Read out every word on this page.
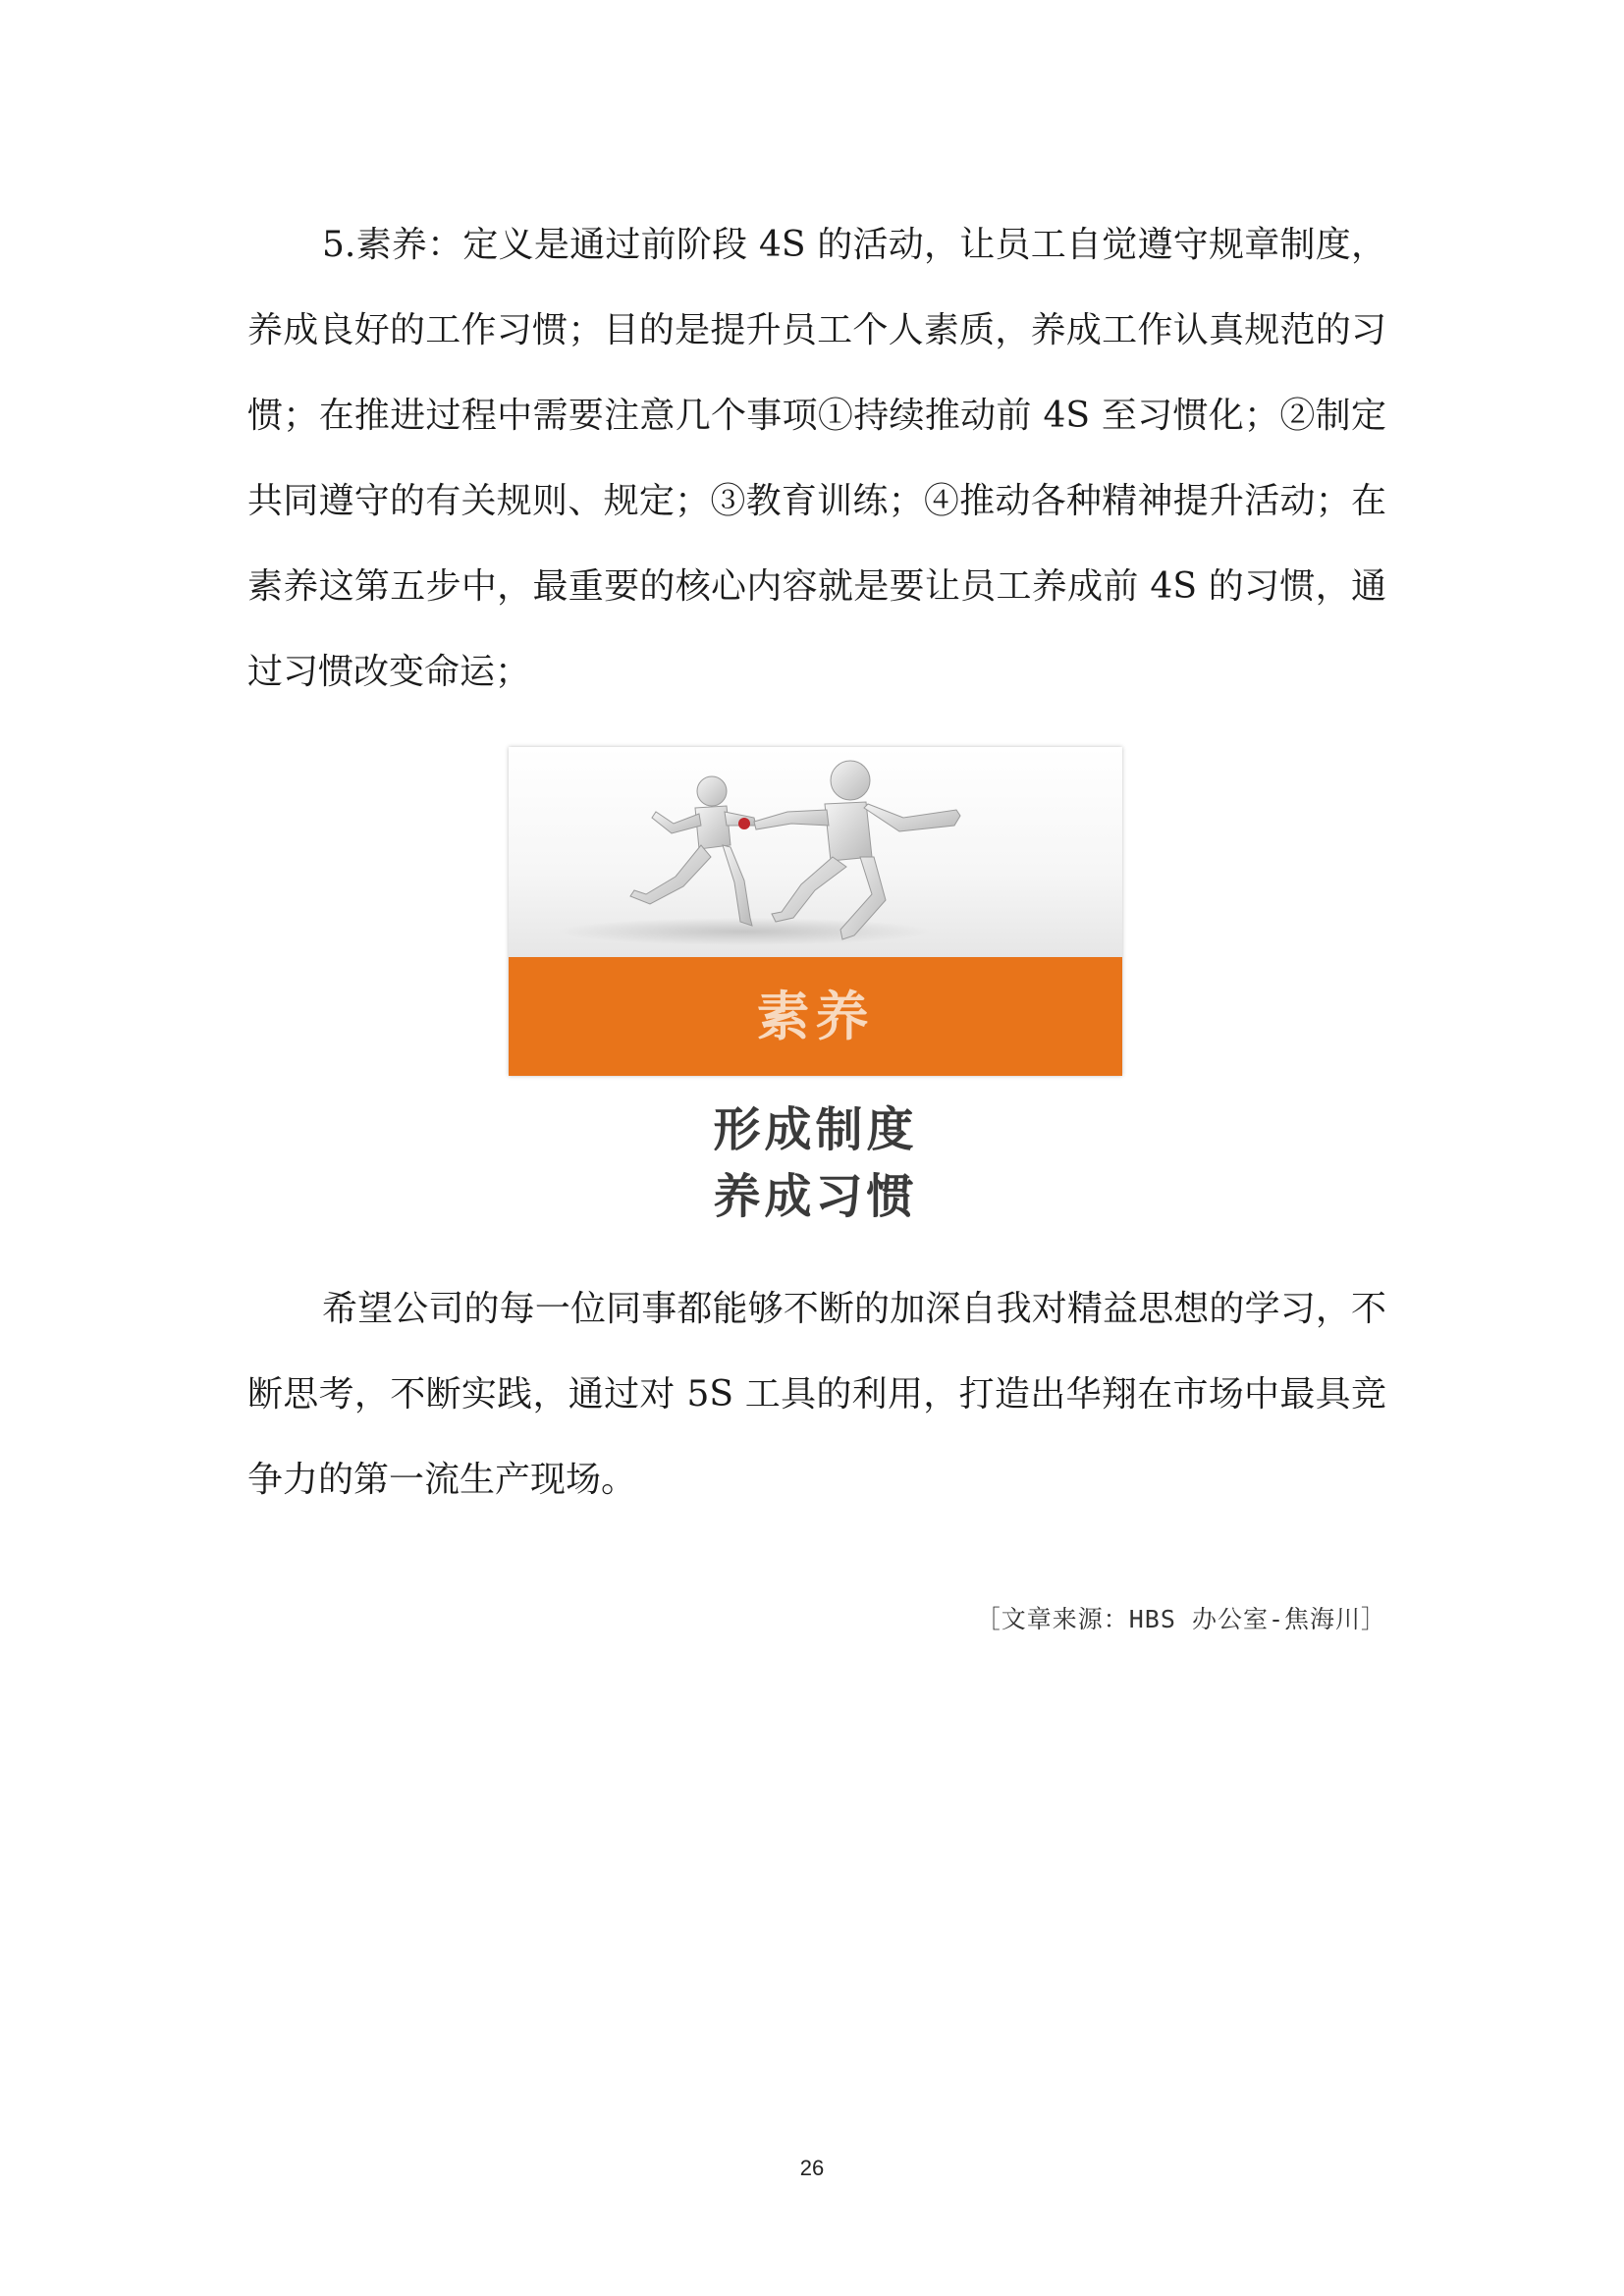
5.素养：定义是通过前阶段 4S 的活动，让员工自觉遵守规章制度，养成良好的工作习惯；目的是提升员工个人素质，养成工作认真规范的习惯；在推进过程中需要注意几个事项①持续推动前 4S 至习惯化；②制定共同遵守的有关规则、规定；③教育训练；④推动各种精神提升活动；在素养这第五步中，最重要的核心内容就是要让员工养成前 4S 的习惯，通过习惯改变命运；

素养
形成制度
养成习惯

希望公司的每一位同事都能够不断的加深自我对精益思想的学习，不断思考，不断实践，通过对 5S 工具的利用，打造出华翔在市场中最具竞争力的第一流生产现场。

［文章来源：HBS 办公室-焦海川］
26
